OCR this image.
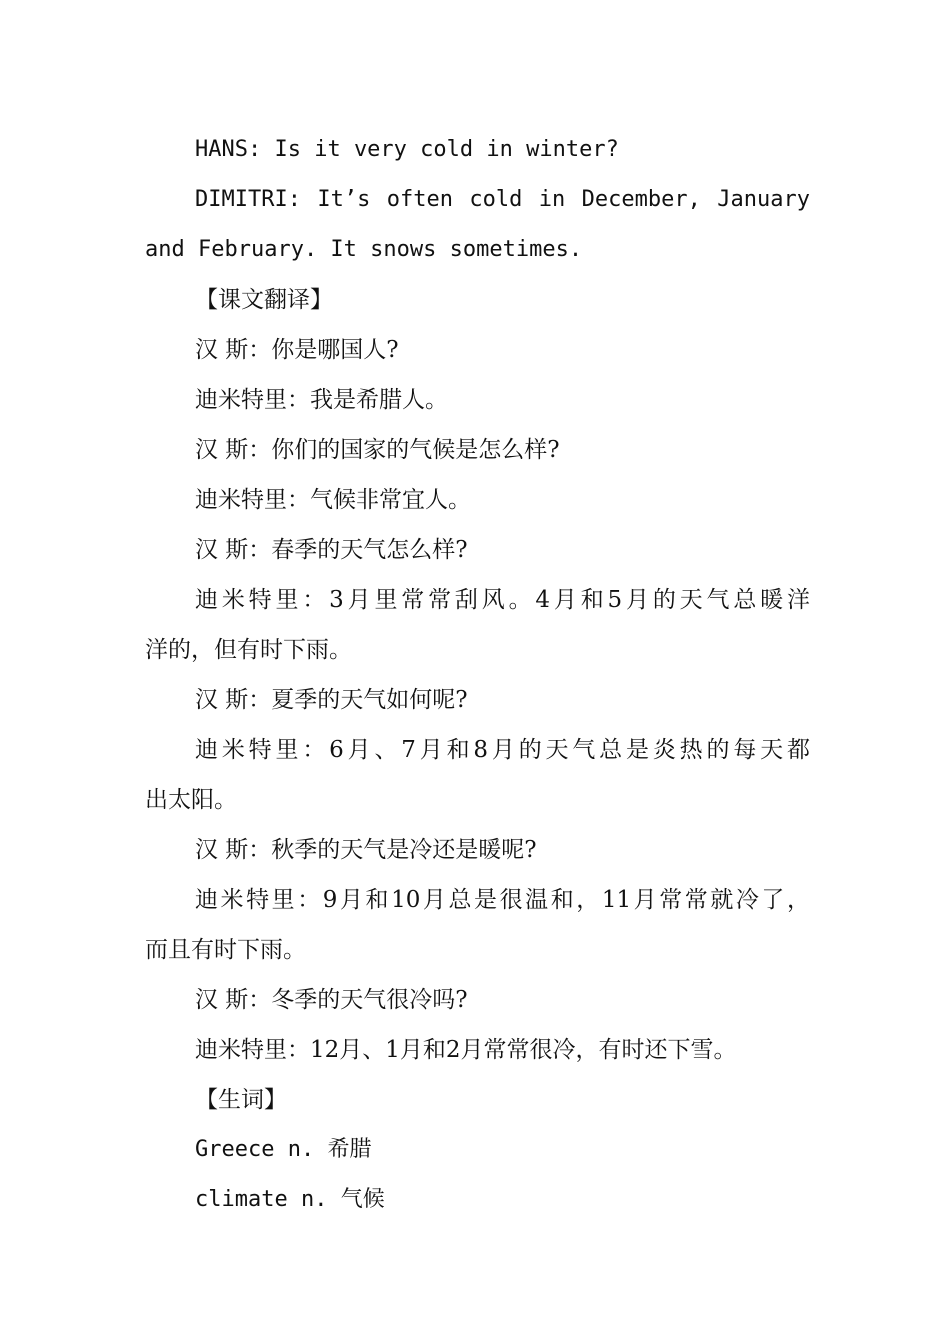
HANS: Is it very cold in winter?
DIMITRI: It’s often cold in December, January
and February. It snows sometimes.
【课文翻译】
汉 斯：你是哪国人?
迪米特里：我是希腊人。
汉 斯：你们的国家的气候是怎么样?
迪米特里：气候非常宜人。
汉 斯：春季的天气怎么样?
迪米特里：3月里常常刮风。4月和5月的天气总暖洋
洋的，但有时下雨。
汉 斯：夏季的天气如何呢?
迪米特里：6月、7月和8月的天气总是炎热的每天都
出太阳。
汉 斯：秋季的天气是冷还是暖呢?
迪米特里：9月和10月总是很温和，11月常常就冷了，
而且有时下雨。
汉 斯：冬季的天气很冷吗?
迪米特里：12月、1月和2月常常很冷，有时还下雪。
【生词】
Greece n. 希腊
climate n. 气候
